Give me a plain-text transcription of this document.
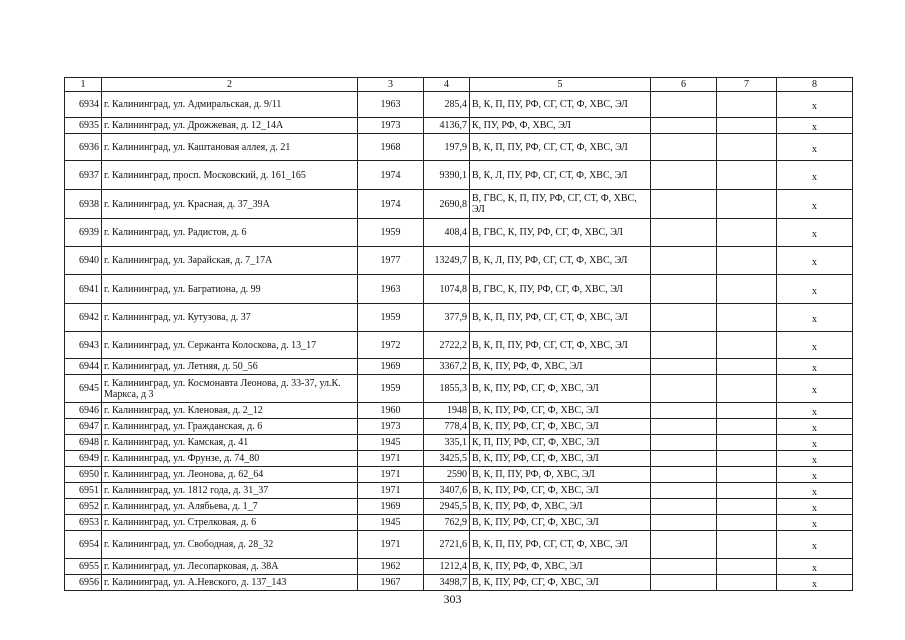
1	2	3	4	5	6	7	8
6934	г. Калининград, ул. Адмиральская, д. 9/11	1963	285,4	В, К, П, ПУ, РФ, СГ, СТ, Ф, ХВС, ЭЛ			x
6935	г. Калининград, ул. Дрожжевая, д. 12_14А	1973	4136,7	К, ПУ, РФ, Ф, ХВС, ЭЛ			x
6936	г. Калининград, ул. Каштановая аллея, д. 21	1968	197,9	В, К, П, ПУ, РФ, СГ, СТ, Ф, ХВС, ЭЛ			x
6937	г. Калининград, просп. Московский, д. 161_165	1974	9390,1	В, К, Л, ПУ, РФ, СГ, СТ, Ф, ХВС, ЭЛ			x
6938	г. Калининград, ул. Красная, д. 37_39А	1974	2690,8	В, ГВС, К, П, ПУ, РФ, СГ, СТ, Ф, ХВС, ЭЛ			x
6939	г. Калининград, ул. Радистов, д. 6	1959	408,4	В, ГВС, К, ПУ, РФ, СГ, Ф, ХВС, ЭЛ			x
6940	г. Калининград, ул. Зарайская, д. 7_17А	1977	13249,7	В, К, Л, ПУ, РФ, СГ, СТ, Ф, ХВС, ЭЛ			x
6941	г. Калининград, ул. Багратиона, д. 99	1963	1074,8	В, ГВС, К, ПУ, РФ, СГ, Ф, ХВС, ЭЛ			x
6942	г. Калининград, ул. Кутузова, д. 37	1959	377,9	В, К, П, ПУ, РФ, СГ, СТ, Ф, ХВС, ЭЛ			x
6943	г. Калининград, ул. Сержанта Колоскова, д. 13_17	1972	2722,2	В, К, П, ПУ, РФ, СГ, СТ, Ф, ХВС, ЭЛ			x
6944	г. Калининград, ул. Летняя, д. 50_56	1969	3367,2	В, К, ПУ, РФ, Ф, ХВС, ЭЛ			x
6945	г. Калининград, ул. Космонавта Леонова, д. 33-37, ул.К. Маркса, д 3	1959	1855,3	В, К, ПУ, РФ, СГ, Ф, ХВС, ЭЛ			x
6946	г. Калининград, ул. Кленовая, д. 2_12	1960	1948	В, К, ПУ, РФ, СГ, Ф, ХВС, ЭЛ			x
6947	г. Калининград, ул. Гражданская, д. 6	1973	778,4	В, К, ПУ, РФ, СГ, Ф, ХВС, ЭЛ			x
6948	г. Калининград, ул. Камская, д. 41	1945	335,1	К, П, ПУ, РФ, СГ, Ф, ХВС, ЭЛ			x
6949	г. Калининград, ул. Фрунзе, д. 74_80	1971	3425,5	В, К, ПУ, РФ, СГ, Ф, ХВС, ЭЛ			x
6950	г. Калининград, ул. Леонова, д. 62_64	1971	2590	В, К, П, ПУ, РФ, Ф, ХВС, ЭЛ			x
6951	г. Калининград, ул. 1812 года, д. 31_37	1971	3407,6	В, К, ПУ, РФ, СГ, Ф, ХВС, ЭЛ			x
6952	г. Калининград, ул. Алябьева, д. 1_7	1969	2945,5	В, К, ПУ, РФ, Ф, ХВС, ЭЛ			x
6953	г. Калининград, ул. Стрелковая, д. 6	1945	762,9	В, К, ПУ, РФ, СГ, Ф, ХВС, ЭЛ			x
6954	г. Калининград, ул. Свободная, д. 28_32	1971	2721,6	В, К, П, ПУ, РФ, СГ, СТ, Ф, ХВС, ЭЛ			x
6955	г. Калининград, ул. Лесопарковая, д. 38А	1962	1212,4	В, К, ПУ, РФ, Ф, ХВС, ЭЛ			x
6956	г. Калининград, ул. А.Невского, д. 137_143	1967	3498,7	В, К, ПУ, РФ, СГ, Ф, ХВС, ЭЛ			x
303
